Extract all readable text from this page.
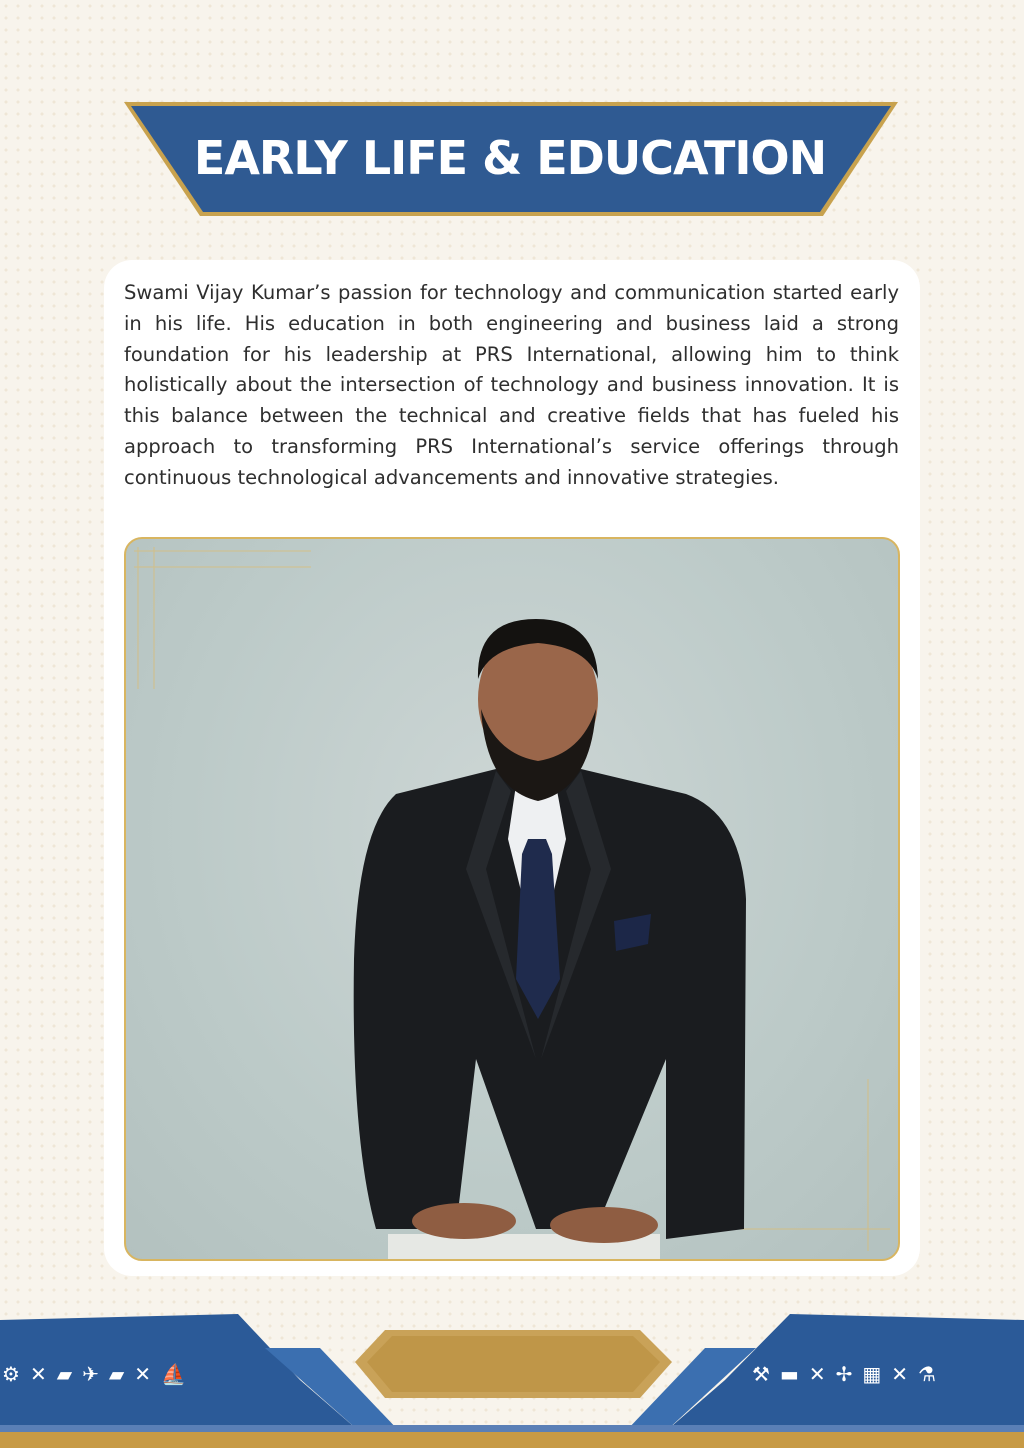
EARLY LIFE & EDUCATION
Swami Vijay Kumar’s passion for technology and communication started early in his life. His education in both engineering and business laid a strong foundation for his leadership at PRS International, allowing him to think holistically about the intersection of technology and business innovation. It is this balance between the technical and creative fields that has fueled his approach to transforming PRS International’s service offerings through continuous technological advancements and innovative strategies.
⚙ ✕ ▰ ✈ ▰ ✕ ⛵	⚒ ▬ ✕ ✢ ▦ ✕ ⚗
